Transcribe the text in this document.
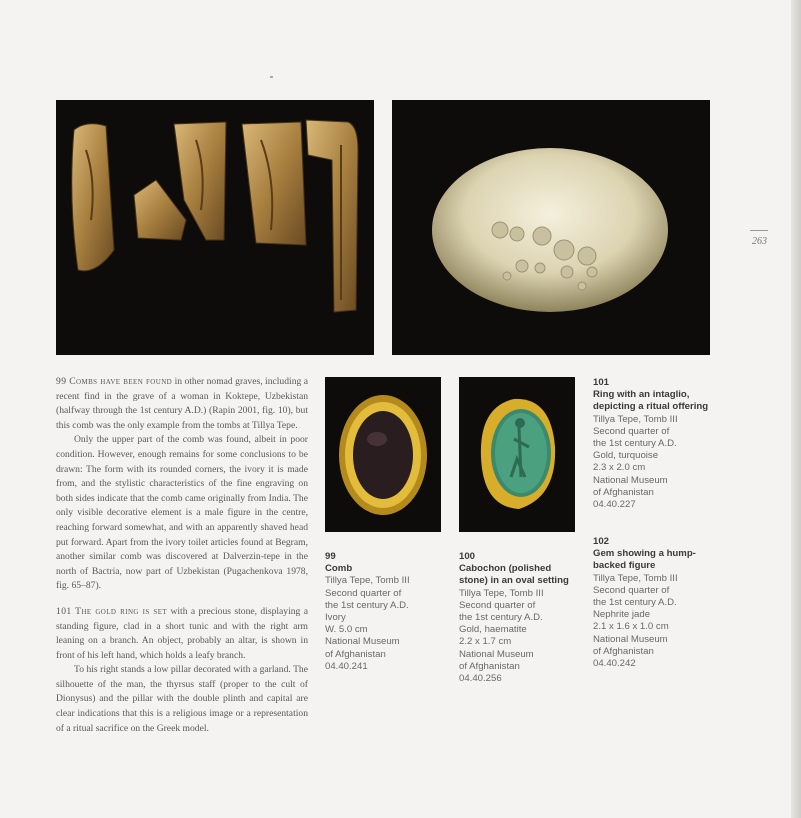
263

99 Combs have been found in other nomad graves, including a recent find in the grave of a woman in Koktepe, Uzbekistan (halfway through the 1st century A.D.) (Rapin 2001, fig. 10), but this comb was the only example from the tombs at Tillya Tepe.

Only the upper part of the comb was found, albeit in poor condition. However, enough remains for some conclusions to be drawn: The form with its rounded corners, the ivory it is made from, and the stylistic characteristics of the fine engraving on both sides indicate that the comb came originally from India. The only visible decorative element is a male figure in the centre, reaching forward somewhat, and with an apparently shaved head put forward. Apart from the ivory toilet articles found at Begram, another similar comb was discovered at Dalverzin-tepe in the north of Bactria, now part of Uzbekistan (Pugachenkova 1978, fig. 65–87).

101 The gold ring is set with a precious stone, displaying a standing figure, clad in a short tunic and with the right arm leaning on a branch. An object, probably an altar, is shown in front of his left hand, which holds a leafy branch.

To his right stands a low pillar decorated with a garland. The silhouette of the man, the thyrsus staff (proper to the cult of Dionysus) and the pillar with the double plinth and capital are clear indications that this is a religious image or a representation of a ritual sacrifice on the Greek model.

99
Comb
Tillya Tepe, Tomb III
Second quarter of
the 1st century A.D.
Ivory
W. 5.0 cm
National Museum
of Afghanistan
04.40.241
100
Cabochon (polished stone) in an oval setting
Tillya Tepe, Tomb III
Second quarter of
the 1st century A.D.
Gold, haematite
2.2 x 1.7 cm
National Museum
of Afghanistan
04.40.256
101
Ring with an intaglio, depicting a ritual offering
Tillya Tepe, Tomb III
Second quarter of
the 1st century A.D.
Gold, turquoise
2.3 x 2.0 cm
National Museum
of Afghanistan
04.40.227
102
Gem showing a hump-backed figure
Tillya Tepe, Tomb III
Second quarter of
the 1st century A.D.
Nephrite jade
2.1 x 1.6 x 1.0 cm
National Museum
of Afghanistan
04.40.242
